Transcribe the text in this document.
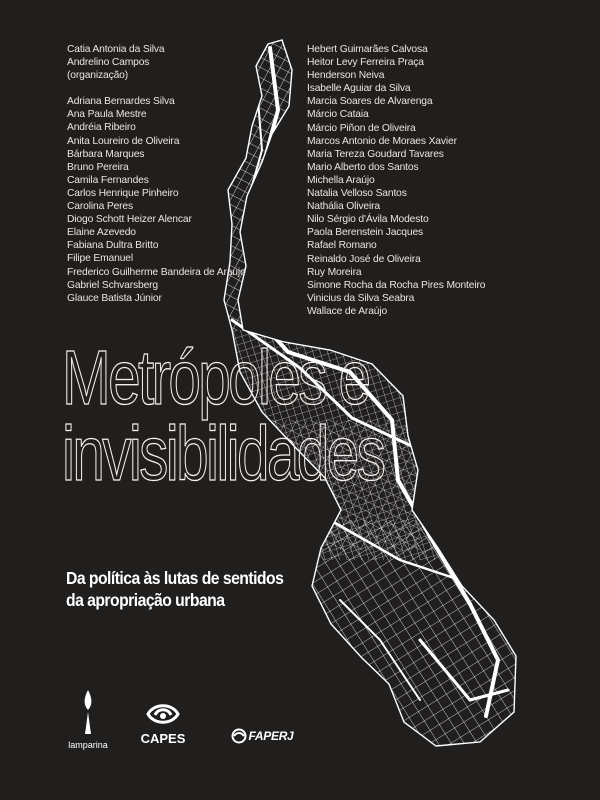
Catia Antonia da Silva
Andrelino Campos
(organização)
Adriana Bernardes Silva
Ana Paula Mestre
Andréia Ribeiro
Anita Loureiro de Oliveira
Bárbara Marques
Bruno Pereira
Camila Fernandes
Carlos Henrique Pinheiro
Carolina Peres
Diogo Schott Heizer Alencar
Elaine Azevedo
Fabiana Dultra Britto
Filipe Emanuel
Frederico Guilherme Bandeira de Araujo
Gabriel Schvarsberg
Glauce Batista Júnior
Hebert Guimarães Calvosa
Heitor Levy Ferreira Praça
Henderson Neiva
Isabelle Aguiar da Silva
Marcia Soares de Alvarenga
Márcio Cataia
Márcio Piñon de Oliveira
Marcos Antonio de Moraes Xavier
Maria Tereza Goudard Tavares
Mario Alberto dos Santos
Michella Araújo
Natalia Velloso Santos
Nathália Oliveira
Nilo Sérgio d'Ávila Modesto
Paola Berenstein Jacques
Rafael Romano
Reinaldo José de Oliveira
Ruy Moreira
Simone Rocha da Rocha Pires Monteiro
Vinicius da Silva Seabra
Wallace de Araújo
Metrópoles e
invisibilidades
Da política às lutas de sentidos
da apropriação urbana
lamparina	CAPES	FAPERJ
